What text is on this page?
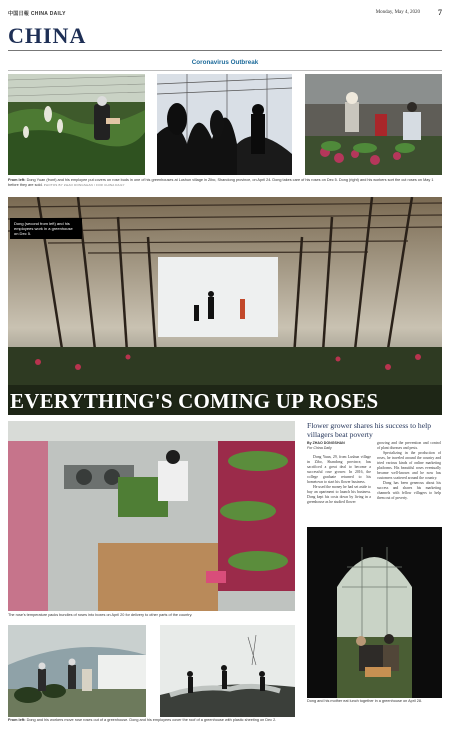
中国日報 CHINA DAILY	Monday, May 4, 2020 7
CHINA
Coronavirus Outbreak
From left: Dong Yuan (front) and his employee put covers on rose buds in one of his greenhouses at Lushun village in Zibo, Shandong province, on April 24. Dong takes care of his roses on Dec 5. Dong (right) and his workers sort the cut roses on May 1 before they are sold. PHOTOS BY ZHAO DONGSHAN / FOR CHINA DAILY
Dong (second from left) and his employees work in a greenhouse on Dec 5.
EVERYTHING'S COMING UP ROSES
Flower grower shares his success to help villagers beat poverty
By ZHAO DONGSHAN
For China Daily

Dong Yuan, 29, from Lushun village in Zibo, Shandong province, has sacrificed a great deal to become a successful rose grower. In 2016, the college graduate returned to his hometown to start his flower business.

He used the money he had set aside to buy an apartment to launch his business. Dong kept his costs down by living in a greenhouse as he studied flower

growing and the prevention and control of plant diseases and pests.

Specializing in the production of roses, he traveled around the country and tried various kinds of online marketing platforms. His beautiful roses eventually became well-known and he now has customers scattered around the country.

Dong has been generous about his success and shares his marketing channels with fellow villagers to help them out of poverty.

The rose's temperature packs bundles of roses into boxes on April 20 for delivery to other parts of the country.
Dong and his mother eat lunch together in a greenhouse on April 28.
From left: Dong and his workers move rose roses out of a greenhouse. Dong and his employees cover the roof of a greenhouse with plastic sheeting on Dec 2.
